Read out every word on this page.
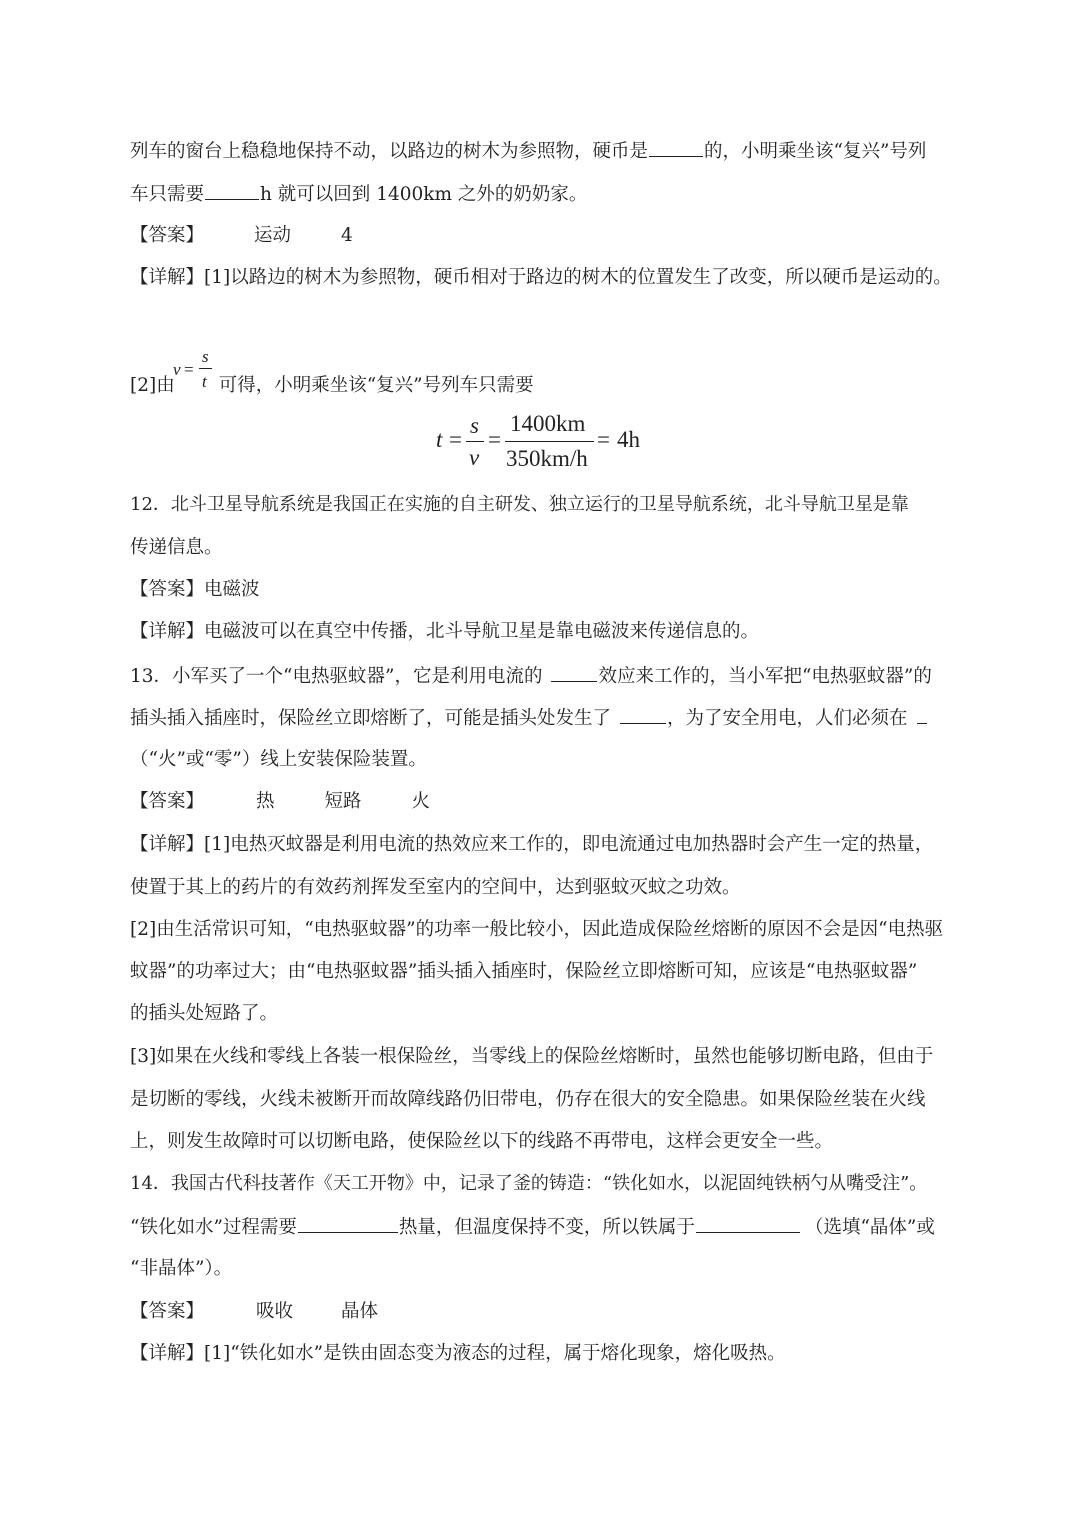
列车的窗台上稳稳地保持不动，以路边的树木为参照物，硬币是	的，小明乘坐该“复兴”号列
车只需要	h 就可以回到 1400km 之外的奶奶家。
【答案】	运动	4
【详解】[1]以路边的树木为参照物，硬币相对于路边的树木的位置发生了改变，所以硬币是运动的。
v =
s
t
[2]由 可得，小明乘坐该“复兴”号列车只需要
t =
s
v
=
1400km
350km/h
= 4h
12．北斗卫星导航系统是我国正在实施的自主研发、独立运行的卫星导航系统，北斗导航卫星是靠
传递信息。
【答案】电磁波
【详解】电磁波可以在真空中传播，北斗导航卫星是靠电磁波来传递信息的。
13．小军买了一个“电热驱蚊器”，它是利用电流的	效应来工作的，当小军把“电热驱蚊器”的
插头插入插座时，保险丝立即熔断了，可能是插头处发生了	，为了安全用电，人们必须在
（“火”或“零”）线上安装保险装置。
【答案】	热	短路	火
【详解】[1]电热灭蚊器是利用电流的热效应来工作的，即电流通过电加热器时会产生一定的热量，
使置于其上的药片的有效药剂挥发至室内的空间中，达到驱蚊灭蚊之功效。
[2]由生活常识可知，“电热驱蚊器”的功率一般比较小，因此造成保险丝熔断的原因不会是因“电热驱
蚊器”的功率过大；由“电热驱蚊器”插头插入插座时，保险丝立即熔断可知，应该是“电热驱蚊器”
的插头处短路了。
[3]如果在火线和零线上各装一根保险丝，当零线上的保险丝熔断时，虽然也能够切断电路，但由于
是切断的零线，火线未被断开而故障线路仍旧带电，仍存在很大的安全隐患。如果保险丝装在火线
上，则发生故障时可以切断电路，使保险丝以下的线路不再带电，这样会更安全一些。
14．我国古代科技著作《天工开物》中，记录了釜的铸造：“铁化如水，以泥固纯铁柄勺从嘴受注”。
“铁化如水”过程需要	热量，但温度保持不变，所以铁属于	（选填“晶体”或
“非晶体”）。
【答案】	吸收	晶体
【详解】[1]“铁化如水”是铁由固态变为液态的过程，属于熔化现象，熔化吸热。
